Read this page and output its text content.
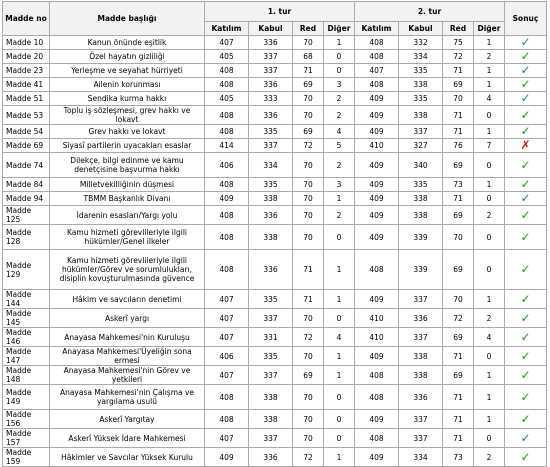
Madde no	Madde başlığı	1. tur				2. tur				Sonuç
		Katılım	Kabul	Red	Diğer	Katılım	Kabul	Red	Diğer	
Madde 10	Kanun önünde eşitlik	407	336	70	1	408	332	75	1	✓
Madde 20	Özel hayatın gizliliği	405	337	68	0	408	334	72	2	✓
Madde 23	Yerleşme ve seyahat hürriyeti	408	337	71	0	407	335	71	1	✓
Madde 41	Ailenin korunması	408	336	69	3	408	338	69	1	✓
Madde 51	Sendika kurma hakkı	405	333	70	2	409	335	70	4	✓
Madde 53	Toplu iş sözleşmesi, grev hakkı ve lokavt	408	336	70	2	409	338	71	0	✓
Madde 54	Grev hakkı ve lokavt	408	335	69	4	409	337	71	1	✓
Madde 69	Siyasî partilerin uyacakları esaslar	414	337	72	5	410	327	76	7	✗
Madde 74	Dilekçe, bilgi edinme ve kamu denetçisine başvurma hakkı	406	334	70	2	409	340	69	0	✓
Madde 84	Milletvekilliğinin düşmesi	408	335	70	3	409	335	73	1	✓
Madde 94	TBMM Başkanlık Divanı	409	338	70	1	409	338	71	0	✓
Madde 125	İdarenin esasları/Yargı yolu	408	336	70	2	409	338	69	2	✓
Madde 128	Kamu hizmeti görevlileriyle ilgili hükümler/Genel ilkeler	408	338	70	0	409	339	70	0	✓
Madde 129	Kamu hizmeti görevlileriyle ilgili hükümler/Görev ve sorumlulukları, disiplin kovuşturulmasında güvence	408	336	71	1	408	339	69	0	✓
Madde 144	Hâkim ve savcıların denetimi	407	335	71	1	409	337	70	1	✓
Madde 145	Askerî yargı	407	337	70	0	410	336	72	2	✓
Madde 146	Anayasa Mahkemesi'nin Kuruluşu	407	331	72	4	410	337	69	4	✓
Madde 147	Anayasa Mahkemesi'Üyeliğin sona ermesi	406	335	70	1	409	338	71	0	✓
Madde 148	Anayasa Mahkemesi'nin Görev ve yetkileri	407	337	69	1	408	338	69	1	✓
Madde 149	Anayasa Mahkemesi'nin Çalışma ve yargılama usulü	408	338	70	0	408	336	71	1	✓
Madde 156	Askerî Yargıtay	408	338	70	0	409	337	71	1	✓
Madde 157	Askerî Yüksek İdare Mahkemesi	407	337	70	0	408	337	71	0	✓
Madde 159	Hâkimler ve Savcılar Yüksek Kurulu	409	336	72	1	409	334	73	2	✓
